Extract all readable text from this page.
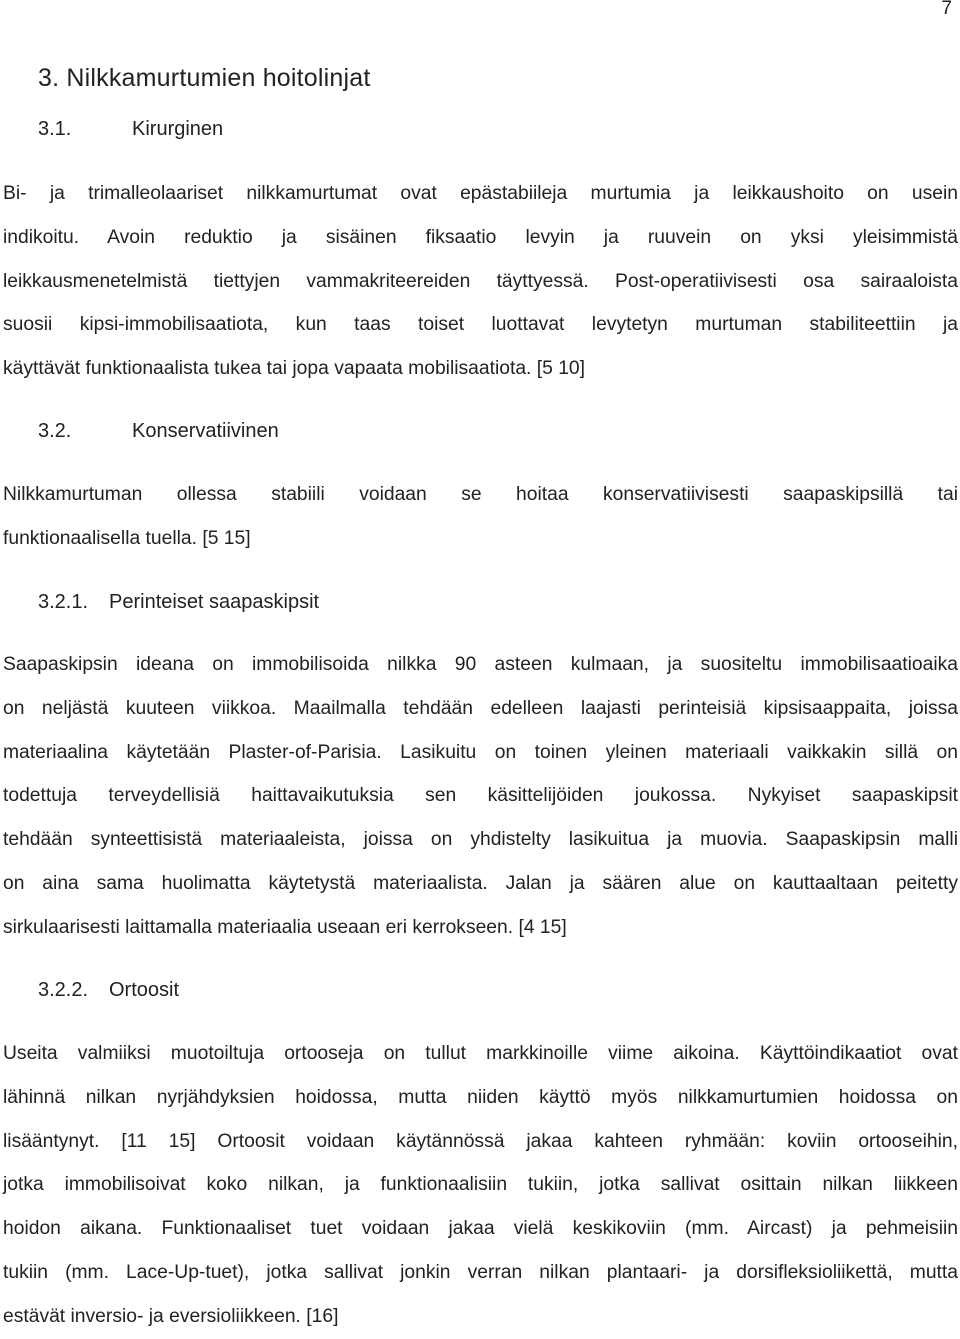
7
3. Nilkkamurtumien hoitolinjat
3.1.	Kirurginen
Bi- ja trimalleolaariset nilkkamurtumat ovat epästabiileja murtumia ja leikkaushoito on usein
indikoitu. Avoin reduktio ja sisäinen fiksaatio levyin ja ruuvein on yksi yleisimmistä
leikkausmenetelmistä tiettyjen vammakriteereiden täyttyessä. Post-operatiivisesti osa sairaaloista
suosii kipsi-immobilisaatiota, kun taas toiset luottavat levytetyn murtuman stabiliteettiin ja
käyttävät funktionaalista tukea tai jopa vapaata mobilisaatiota. [5 10]
3.2.	Konservatiivinen
Nilkkamurtuman ollessa stabiili voidaan se hoitaa konservatiivisesti saapaskipsillä tai
funktionaalisella tuella. [5 15]
3.2.1. Perinteiset saapaskipsit
Saapaskipsin ideana on immobilisoida nilkka 90 asteen kulmaan, ja suositeltu immobilisaatioaika
on neljästä kuuteen viikkoa. Maailmalla tehdään edelleen laajasti perinteisiä kipsisaappaita, joissa
materiaalina käytetään Plaster-of-Parisia. Lasikuitu on toinen yleinen materiaali vaikkakin sillä on
todettuja terveydellisiä haittavaikutuksia sen käsittelijöiden joukossa. Nykyiset saapaskipsit
tehdään synteettisistä materiaaleista, joissa on yhdistelty lasikuitua ja muovia. Saapaskipsin malli
on aina sama huolimatta käytetystä materiaalista. Jalan ja säären alue on kauttaaltaan peitetty
sirkulaarisesti laittamalla materiaalia useaan eri kerrokseen. [4 15]
3.2.2. Ortoosit
Useita valmiiksi muotoiltuja ortooseja on tullut markkinoille viime aikoina. Käyttöindikaatiot ovat
lähinnä nilkan nyrjähdyksien hoidossa, mutta niiden käyttö myös nilkkamurtumien hoidossa on
lisääntynyt. [11 15] Ortoosit voidaan käytännössä jakaa kahteen ryhmään: koviin ortooseihin,
jotka immobilisoivat koko nilkan, ja funktionaalisiin tukiin, jotka sallivat osittain nilkan liikkeen
hoidon aikana. Funktionaaliset tuet voidaan jakaa vielä keskikoviin (mm. Aircast) ja pehmeisiin
tukiin (mm. Lace-Up-tuet), jotka sallivat jonkin verran nilkan plantaari- ja dorsifleksioliikettä, mutta
estävät inversio- ja eversioliikkeen. [16]
